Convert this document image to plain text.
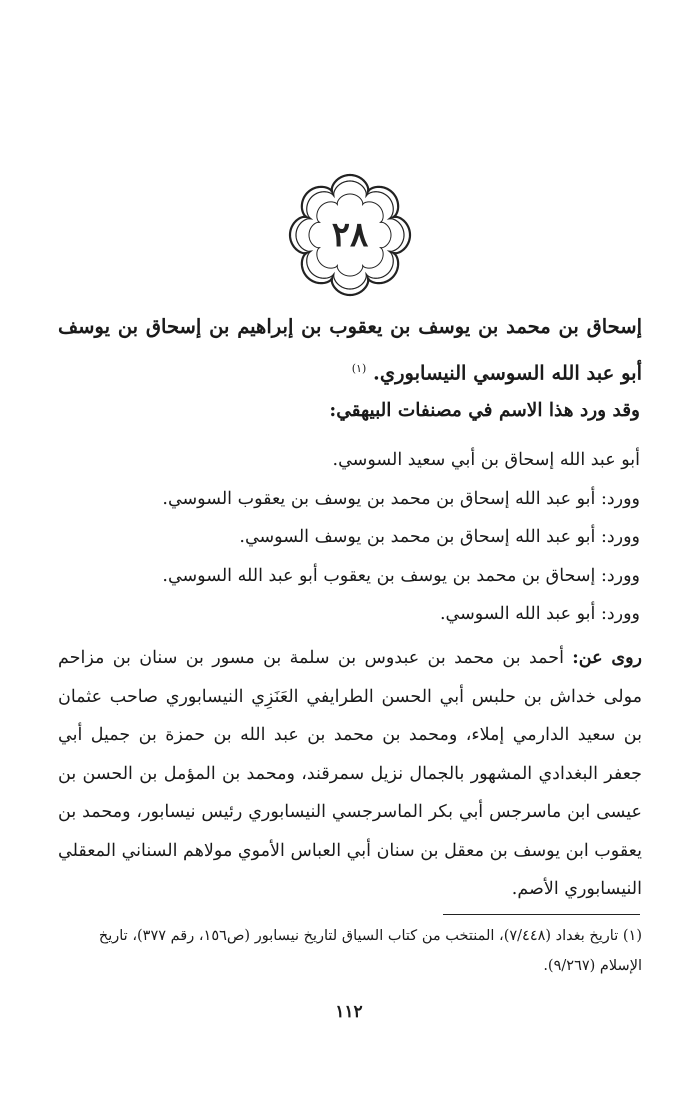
٢٨
إسحاق بن محمد بن يوسف بن يعقوب بن إبراهيم بن إسحاق بن يوسف أبو عبد الله السوسي النيسابوري. $^{(١)}$
وقد ورد هذا الاسم في مصنفات البيهقي:
أبو عبد الله إسحاق بن أبي سعيد السوسي.
وورد: أبو عبد الله إسحاق بن محمد بن يوسف بن يعقوب السوسي.
وورد: أبو عبد الله إسحاق بن محمد بن يوسف السوسي.
وورد: إسحاق بن محمد بن يوسف بن يعقوب أبو عبد الله السوسي.
وورد: أبو عبد الله السوسي.
روى عن: أحمد بن محمد بن عبدوس بن سلمة بن مسور بن سنان بن مزاحم مولى خداش بن حلبس أبي الحسن الطرايفي العَنَزِي النيسابوري صاحب عثمان بن سعيد الدارمي إملاء، ومحمد بن محمد بن عبد الله بن حمزة بن جميل أبي جعفر البغدادي المشهور بالجمال نزيل سمرقند، ومحمد بن المؤمل بن الحسن بن عيسى ابن ماسرجس أبي بكر الماسرجسي النيسابوري رئيس نيسابور، ومحمد بن يعقوب ابن يوسف بن معقل بن سنان أبي العباس الأموي مولاهم السناني المعقلي النيسابوري الأصم.
(١) تاريخ بغداد (٧/٤٤٨)، المنتخب من كتاب السياق لتاريخ نيسابور (ص١٥٦، رقم ٣٧٧)، تاريخ الإسلام (٩/٢٦٧).
١١٢
